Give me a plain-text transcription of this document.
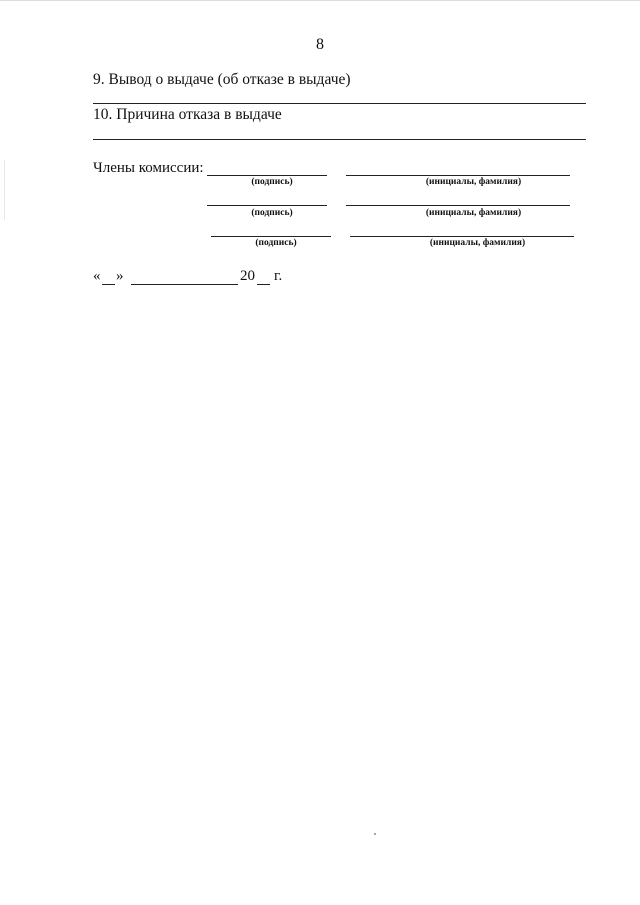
8
9. Вывод о выдаче (об отказе в выдаче)
10. Причина отказа в выдаче
Члены комиссии:
(подпись)	(инициалы, фамилия)
(подпись)	(инициалы, фамилия)
(подпись)	(инициалы, фамилия)
« »	20 г.
